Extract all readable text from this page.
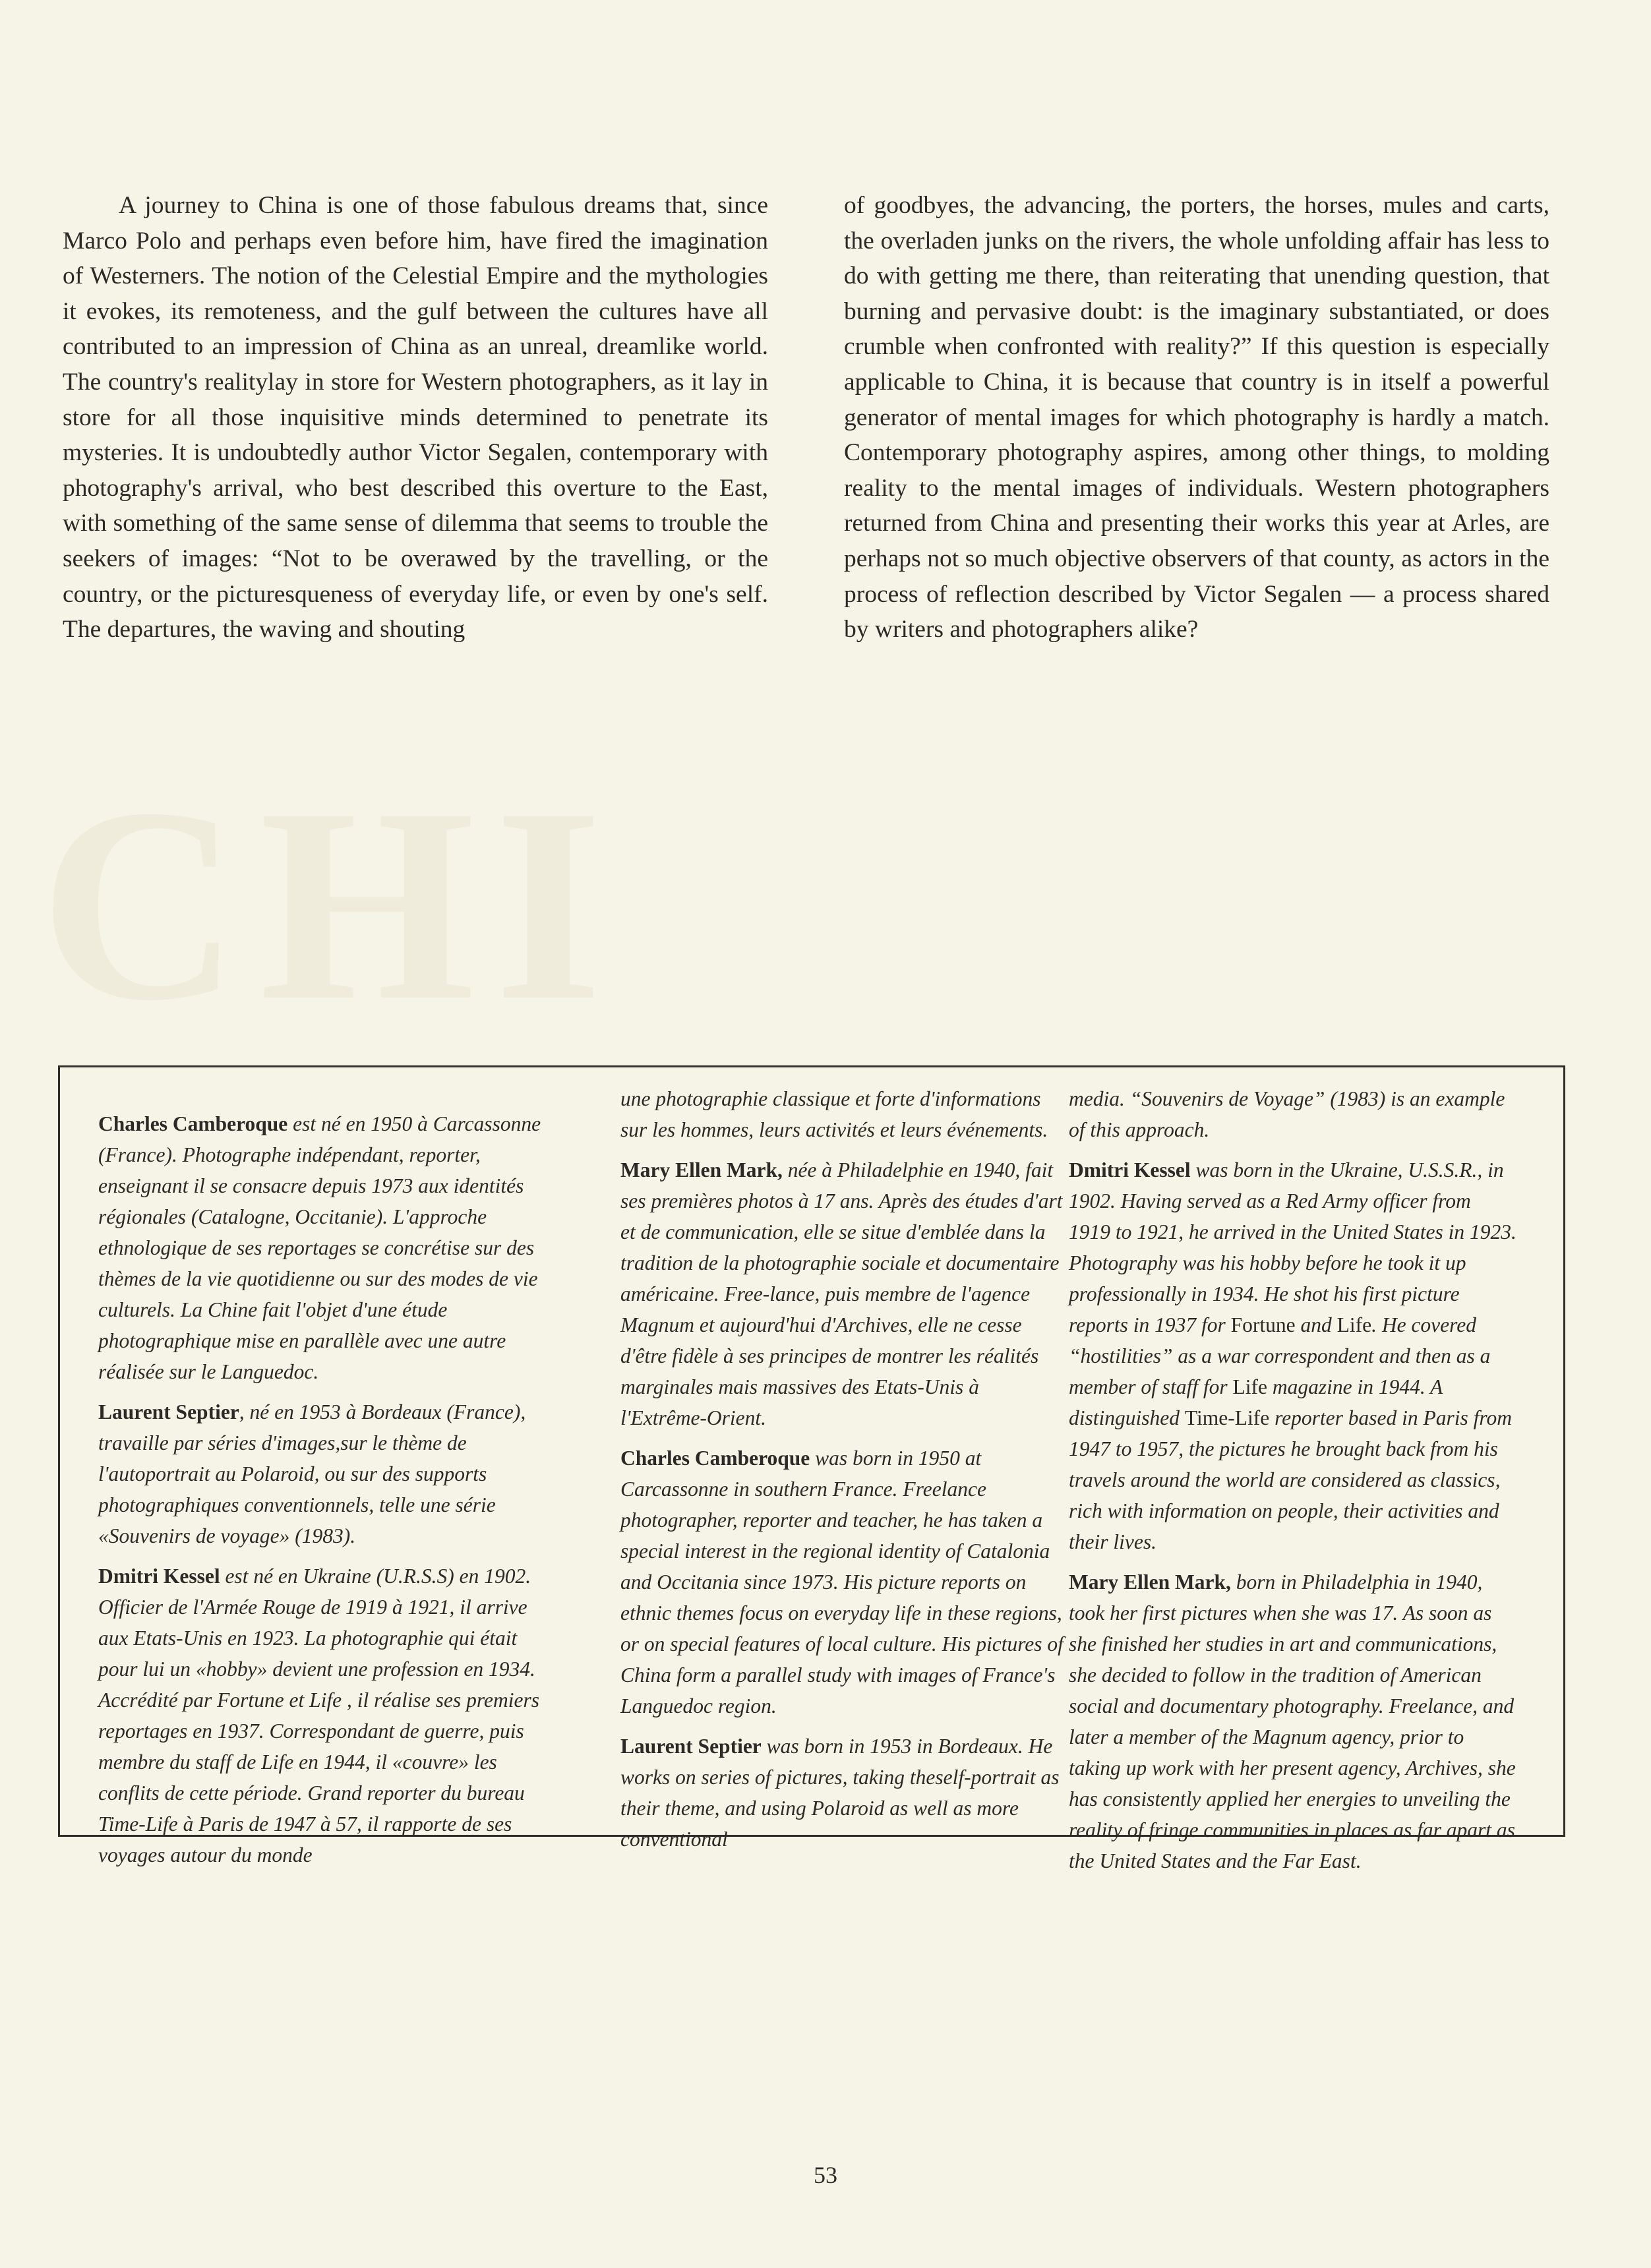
CHI

A journey to China is one of those fabulous dreams that, since Marco Polo and perhaps even before him, have fired the imagination of Westerners. The notion of the Celestial Empire and the mythologies it evokes, its remoteness, and the gulf between the cultures have all contributed to an impression of China as an unreal, dreamlike world. The country's realitylay in store for Western photographers, as it lay in store for all those inquisitive minds determined to penetrate its mysteries. It is undoubtedly author Victor Segalen, contemporary with photography's arrival, who best described this overture to the East, with something of the same sense of dilemma that seems to trouble the seekers of images: “Not to be overawed by the travelling, or the country, or the picturesqueness of everyday life, or even by one's self. The departures, the waving and shouting

of goodbyes, the advancing, the porters, the horses, mules and carts, the overladen junks on the rivers, the whole unfolding affair has less to do with getting me there, than reiterating that unending question, that burning and pervasive doubt: is the imaginary substantiated, or does crumble when confronted with reality?” If this question is especially applicable to China, it is because that country is in itself a powerful generator of mental images for which photography is hardly a match. Contemporary photography aspires, among other things, to molding reality to the mental images of individuals. Western photographers returned from China and presenting their works this year at Arles, are perhaps not so much objective observers of that county, as actors in the process of reflection described by Victor Segalen — a process shared by writers and photographers alike?

Charles Camberoque est né en 1950 à Carcassonne (France). Photographe indépendant, reporter, enseignant il se consacre depuis 1973 aux identités régionales (Catalogne, Occitanie). L'approche ethnologique de ses reportages se concrétise sur des thèmes de la vie quotidienne ou sur des modes de vie culturels. La Chine fait l'objet d'une étude photographique mise en parallèle avec une autre réalisée sur le Languedoc.

Laurent Septier, né en 1953 à Bordeaux (France), travaille par séries d'images,sur le thème de l'autoportrait au Polaroid, ou sur des supports photographiques conventionnels, telle une série «Souvenirs de voyage» (1983).

Dmitri Kessel est né en Ukraine (U.R.S.S) en 1902. Officier de l'Armée Rouge de 1919 à 1921, il arrive aux Etats-Unis en 1923. La photographie qui était pour lui un «hobby» devient une profession en 1934. Accrédité par Fortune et Life , il réalise ses premiers reportages en 1937. Correspondant de guerre, puis membre du staff de Life en 1944, il «couvre» les conflits de cette période. Grand reporter du bureau Time-Life à Paris de 1947 à 57, il rapporte de ses voyages autour du monde

une photographie classique et forte d'informations sur les hommes, leurs activités et leurs événements.

Mary Ellen Mark, née à Philadelphie en 1940, fait ses premières photos à 17 ans. Après des études d'art et de communication, elle se situe d'emblée dans la tradition de la photographie sociale et documentaire américaine. Free-lance, puis membre de l'agence Magnum et aujourd'hui d'Archives, elle ne cesse d'être fidèle à ses principes de montrer les réalités marginales mais massives des Etats-Unis à l'Extrême-Orient.

Charles Camberoque was born in 1950 at Carcassonne in southern France. Freelance photographer, reporter and teacher, he has taken a special interest in the regional identity of Catalonia and Occitania since 1973. His picture reports on ethnic themes focus on everyday life in these regions, or on special features of local culture. His pictures of China form a parallel study with images of France's Languedoc region.

Laurent Septier was born in 1953 in Bordeaux. He works on series of pictures, taking theself-portrait as their theme, and using Polaroid as well as more conventional

media. “Souvenirs de Voyage” (1983) is an example of this approach.

Dmitri Kessel was born in the Ukraine, U.S.S.R., in 1902. Having served as a Red Army officer from 1919 to 1921, he arrived in the United States in 1923. Photography was his hobby before he took it up professionally in 1934. He shot his first picture reports in 1937 for Fortune and Life. He covered “hostilities” as a war correspondent and then as a member of staff for Life magazine in 1944. A distinguished Time-Life reporter based in Paris from 1947 to 1957, the pictures he brought back from his travels around the world are considered as classics, rich with information on people, their activities and their lives.

Mary Ellen Mark, born in Philadelphia in 1940, took her first pictures when she was 17. As soon as she finished her studies in art and communications, she decided to follow in the tradition of American social and documentary photography. Freelance, and later a member of the Magnum agency, prior to taking up work with her present agency, Archives, she has consistently applied her energies to unveiling the reality of fringe communities in places as far apart as the United States and the Far East.

53
